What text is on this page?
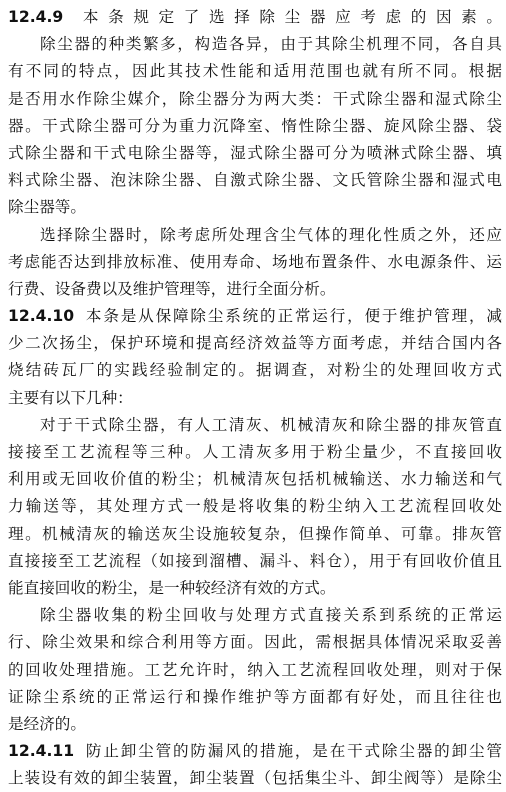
12.4.9 本条规定了选择除尘器应考虑的因素。
除尘器的种类繁多，构造各异，由于其除尘机理不同，各自具
有不同的特点，因此其技术性能和适用范围也就有所不同。根据
是否用水作除尘媒介，除尘器分为两大类：干式除尘器和湿式除尘
器。干式除尘器可分为重力沉降室、惰性除尘器、旋风除尘器、袋
式除尘器和干式电除尘器等，湿式除尘器可分为喷淋式除尘器、填
料式除尘器、泡沫除尘器、自激式除尘器、文氏管除尘器和湿式电
除尘器等。
选择除尘器时，除考虑所处理含尘气体的理化性质之外，还应
考虑能否达到排放标准、使用寿命、场地布置条件、水电源条件、运
行费、设备费以及维护管理等，进行全面分析。
12.4.10 本条是从保障除尘系统的正常运行，便于维护管理，减
少二次扬尘，保护环境和提高经济效益等方面考虑，并结合国内各
烧结砖瓦厂的实践经验制定的。据调查，对粉尘的处理回收方式
主要有以下几种：
对于干式除尘器，有人工清灰、机械清灰和除尘器的排灰管直
接接至工艺流程等三种。人工清灰多用于粉尘量少，不直接回收
利用或无回收价值的粉尘；机械清灰包括机械输送、水力输送和气
力输送等，其处理方式一般是将收集的粉尘纳入工艺流程回收处
理。机械清灰的输送灰尘设施较复杂，但操作简单、可靠。排灰管
直接接至工艺流程（如接到溜槽、漏斗、料仓），用于有回收价值且
能直接回收的粉尘，是一种较经济有效的方式。
除尘器收集的粉尘回收与处理方式直接关系到系统的正常运
行、除尘效果和综合利用等方面。因此，需根据具体情况采取妥善
的回收处理措施。工艺允许时，纳入工艺流程回收处理，则对于保
证除尘系统的正常运行和操作维护等方面都有好处，而且往往也
是经济的。
12.4.11 防止卸尘管的防漏风的措施，是在干式除尘器的卸尘管
上装设有效的卸尘装置，卸尘装置（包括集尘斗、卸尘阀等）是除尘
